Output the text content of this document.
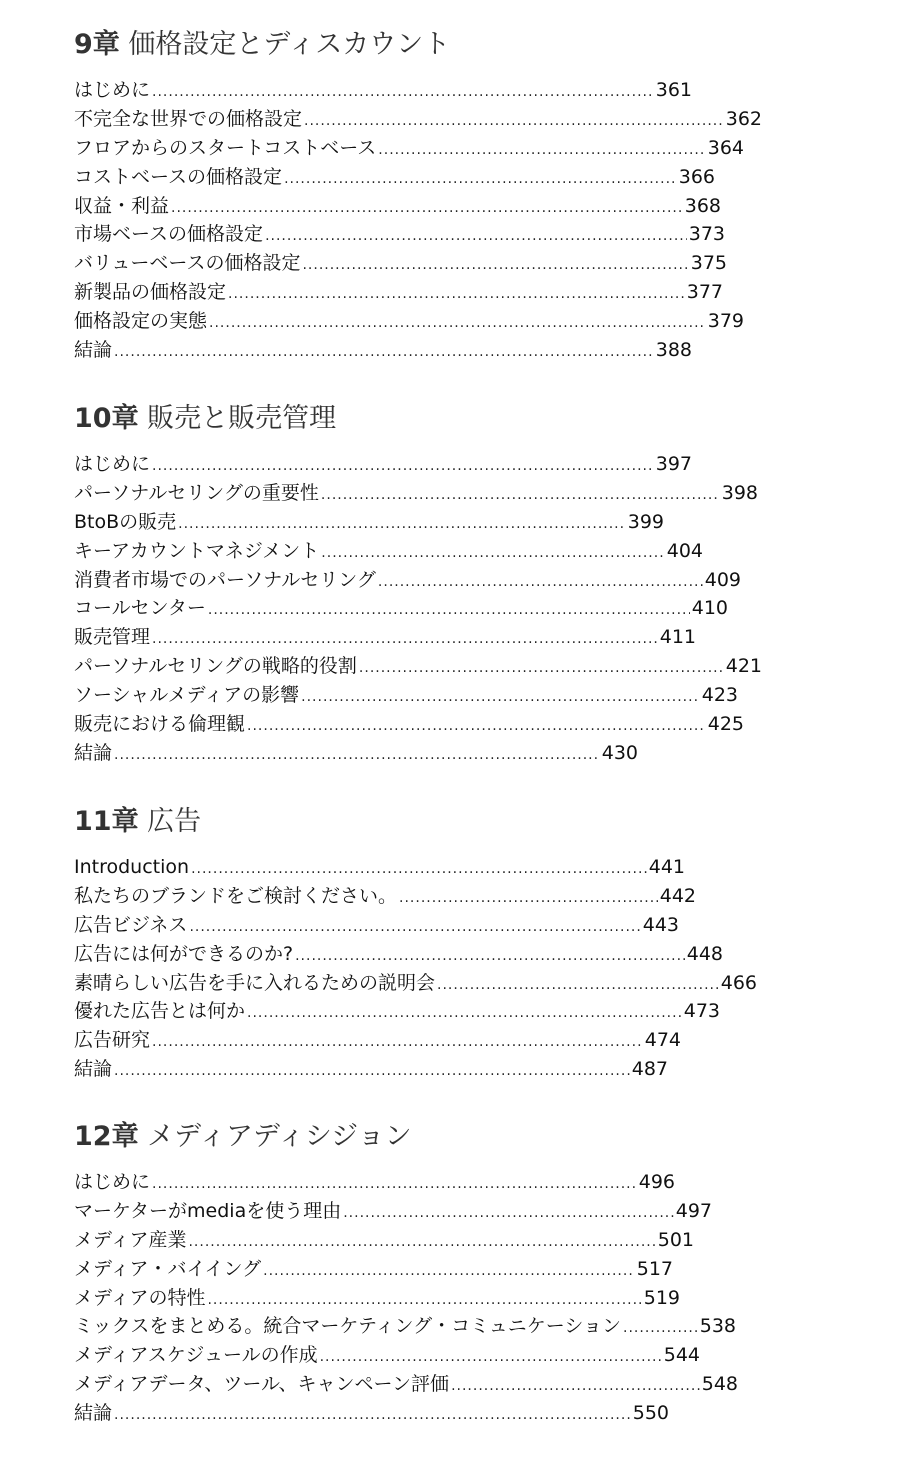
9章 価格設定とディスカウント
はじめに .....	361
不完全な世界での価格設定 .....	362
フロアからのスタートコストベース .....	364
コストベースの価格設定 .....	366
収益・利益 .....	368
市場ベースの価格設定 .....	373
バリューベースの価格設定 .....	375
新製品の価格設定 .....	377
価格設定の実態 .....	379
結論 .....	388
10章 販売と販売管理
はじめに .....	397
パーソナルセリングの重要性 .....	398
BtoBの販売 .....	399
キーアカウントマネジメント .....	404
消費者市場でのパーソナルセリング .....	409
コールセンター .....	410
販売管理 .....	411
パーソナルセリングの戦略的役割 .....	421
ソーシャルメディアの影響 .....	423
販売における倫理観 .....	425
結論 .....	430
11章 広告
Introduction .....	441
私たちのブランドをご検討ください。 .....	442
広告ビジネス .....	443
広告には何ができるのか? .....	448
素晴らしい広告を手に入れるための説明会 .....	466
優れた広告とは何か .....	473
広告研究 .....	474
結論 .....	487
12章 メディアディシジョン
はじめに .....	496
マーケターがmediaを使う理由 .....	497
メディア産業 .....	501
メディア・バイイング .....	517
メディアの特性 .....	519
ミックスをまとめる。統合マーケティング・コミュニケーション .....	538
メディアスケジュールの作成 .....	544
メディアデータ、ツール、キャンペーン評価 .....	548
結論 .....	550
